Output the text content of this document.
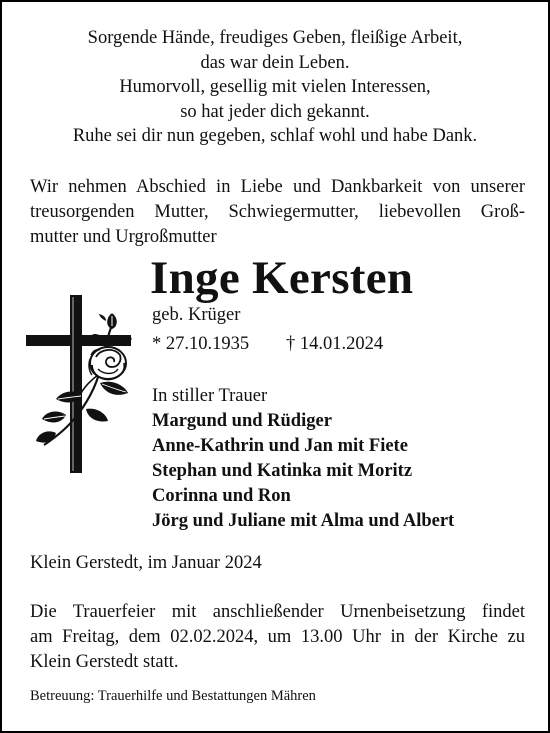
Sorgende Hände, freudiges Geben, fleißige Arbeit,
das war dein Leben.
Humorvoll, gesellig mit vielen Interessen,
so hat jeder dich gekannt.
Ruhe sei dir nun gegeben, schlaf wohl und habe Dank.
Wir nehmen Abschied in Liebe und Dankbarkeit von unserer
treusorgenden Mutter, Schwiegermutter, liebevollen Groß-
mutter und Urgroßmutter
Inge Kersten
geb. Krüger
* 27.10.1935 † 14.01.2024
In stiller Trauer
Margund und Rüdiger
Anne-Kathrin und Jan mit Fiete
Stephan und Katinka mit Moritz
Corinna und Ron
Jörg und Juliane mit Alma und Albert
Klein Gerstedt, im Januar 2024
Die Trauerfeier mit anschließender Urnenbeisetzung findet
am Freitag, dem 02.02.2024, um 13.00 Uhr in der Kirche zu
Klein Gerstedt statt.
Betreuung: Trauerhilfe und Bestattungen Mähren
